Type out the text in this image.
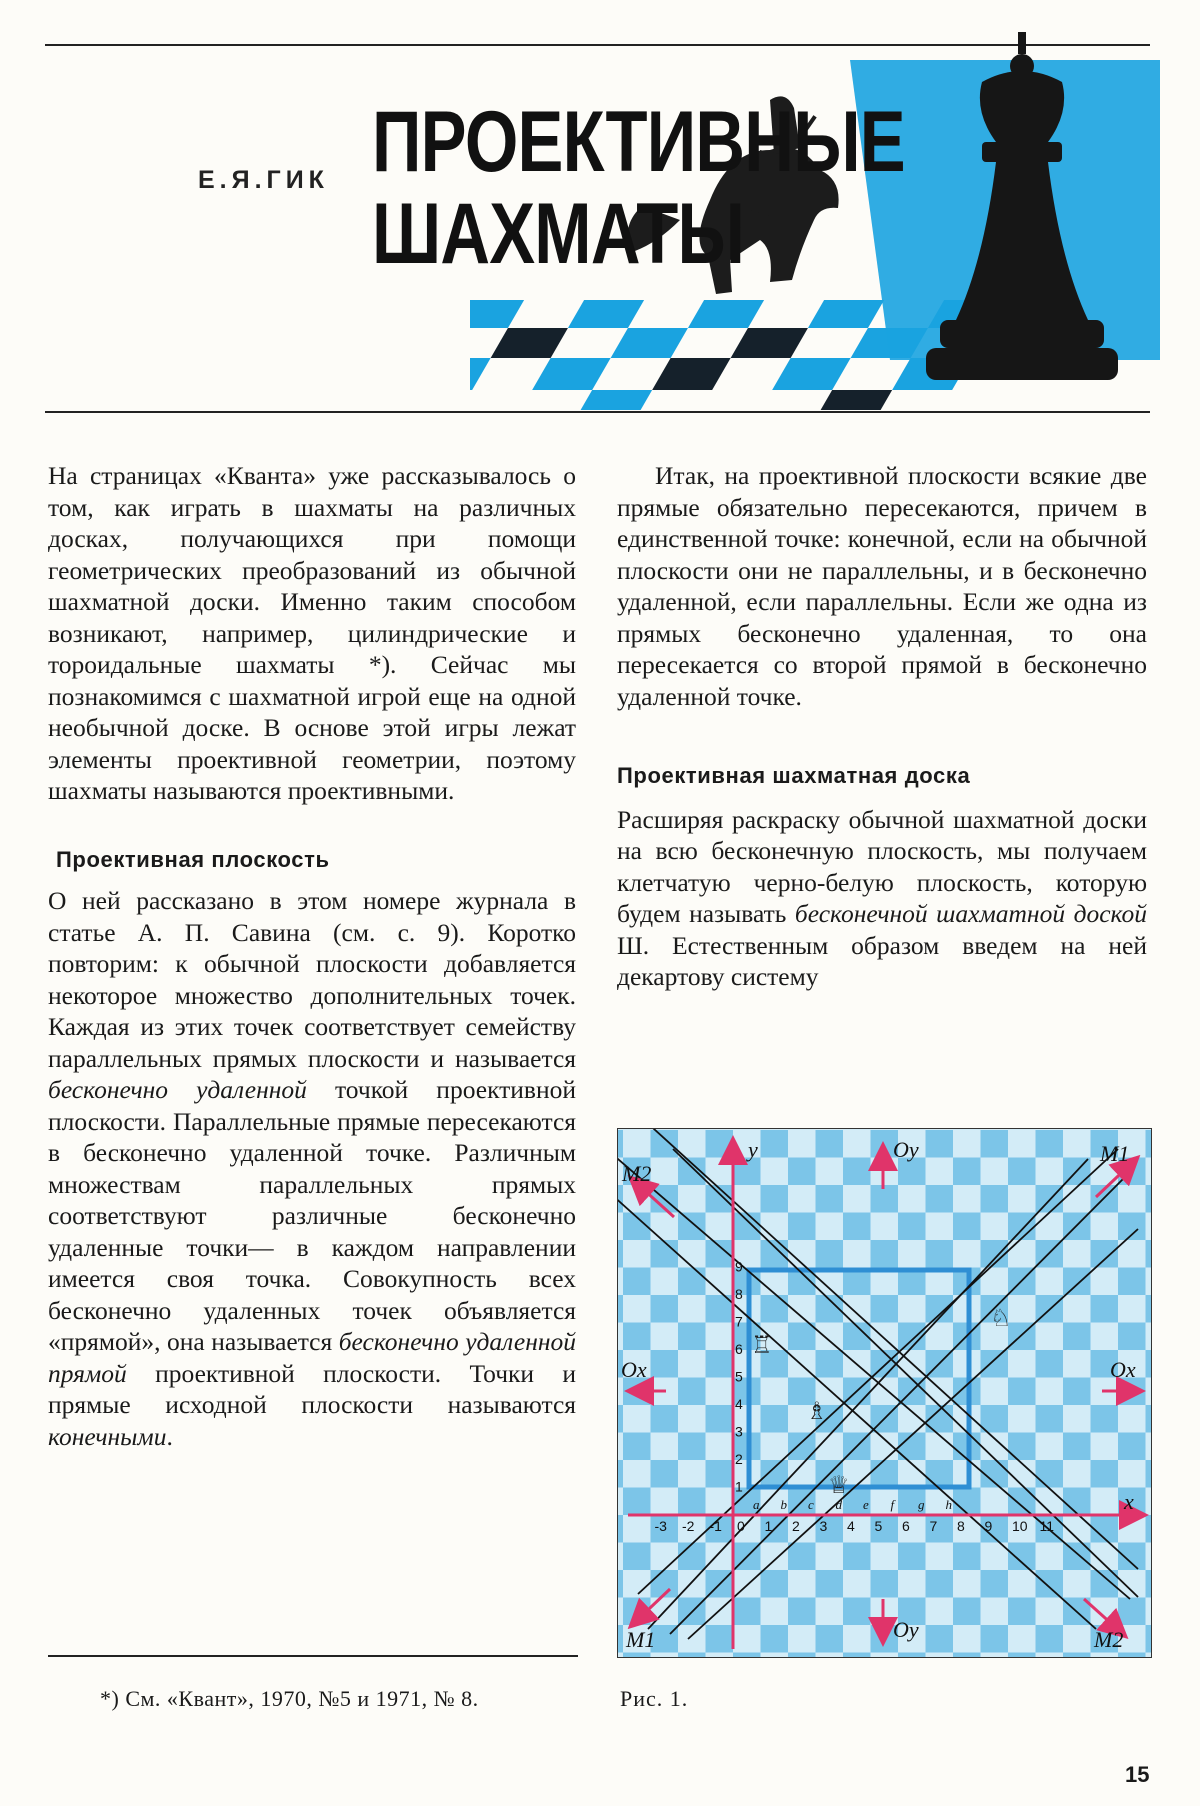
Е.Я.ГИК ПРОЕКТИВНЫЕ
ШАХМАТЫ

На страницах «Кванта» уже рассказывалось о том, как играть в шахматы на различных досках, получающихся при помощи геометрических преобразований из обычной шахматной доски. Именно таким способом возникают, например, цилиндрические и тороидальные шахматы *). Сейчас мы познакомимся с шахматной игрой еще на одной необычной доске. В основе этой игры лежат элементы проективной геометрии, поэтому шахматы называются проективными.

Проективная плоскость

О ней рассказано в этом номере журнала в статье А. П. Савина (см. с. 9). Коротко повторим: к обычной плоскости добавляется некоторое множество дополнительных точек. Каждая из этих точек соответствует семейству параллельных прямых плоскости и называется бесконечно удаленной точкой проективной плоскости. Параллельные прямые пересекаются в бесконечно удаленной точке. Различным множествам параллельных прямых соответствуют различные бесконечно удаленные точки— в каждом направлении имеется своя точка. Совокупность всех бесконечно удаленных точек объявляется «прямой», она называется бесконечно удаленной прямой проективной плоскости. Точки и прямые исходной плоскости называются конечными.

Итак, на проективной плоскости всякие две прямые обязательно пересекаются, причем в единственной точке: конечной, если на обычной плоскости они не параллельны, и в бесконечно удаленной, если параллельны. Если же одна из прямых бесконечно удаленная, то она пересекается со второй прямой в бесконечно удаленной точке.

Проективная шахматная доска

Расширяя раскраску обычной шахматной доски на всю бесконечную плоскость, мы получаем клетчатую черно-белую плоскость, которую будем называть бесконечной шахматной доской Ш. Естественным образом введем на ней декартову систему

y
x
Oy
Oy
Ox	Ox
M1
M2
M1	M2
-3 -2 -1 0 1 2 3 4 5 6 7 8 9 10 11
1
2
3
4
5
6
7
8
9
a b c d e f g h
♖
♗
♕
♘
*) См. «Квант», 1970, №5 и 1971, № 8.	Рис. 1.
15
